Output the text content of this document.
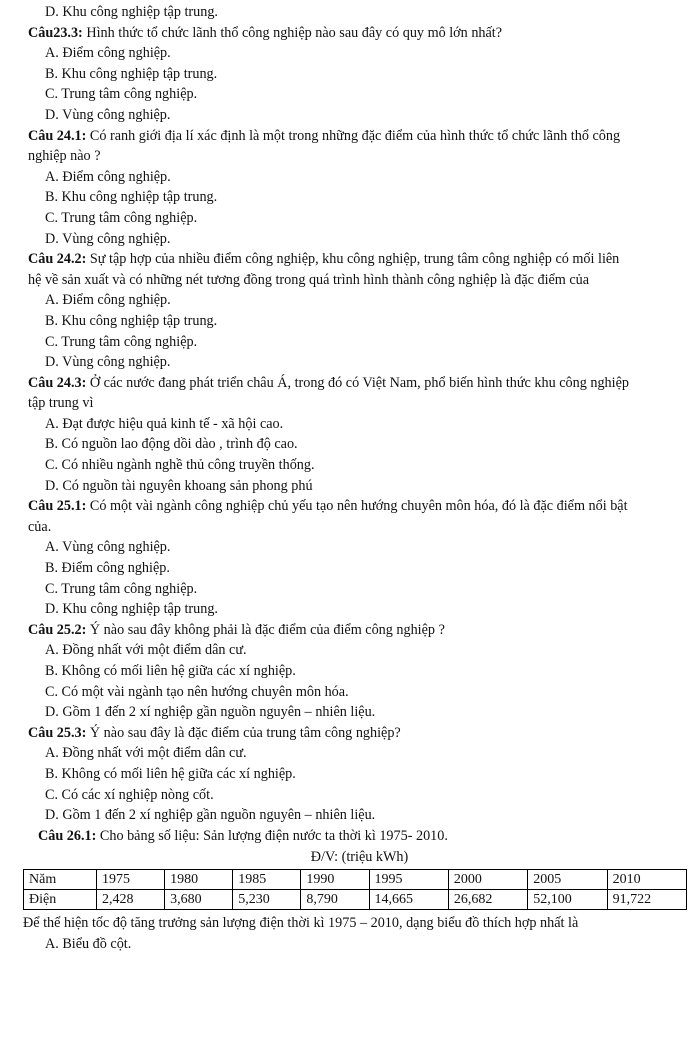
D. Khu công nghiệp tập trung.
Câu23.3: Hình thức tổ chức lãnh thổ công nghiệp nào sau đây có quy mô lớn nhất?
A. Điểm công nghiệp.
B. Khu công nghiệp tập trung.
C. Trung tâm công nghiệp.
D. Vùng công nghiệp.
Câu 24.1: Có ranh giới địa lí xác định là một trong những đặc điểm của hình thức tổ chức lãnh thổ công
nghiệp nào ?
A. Điểm công nghiệp.
B. Khu công nghiệp tập trung.
C. Trung tâm công nghiệp.
D. Vùng công nghiệp.
Câu 24.2: Sự tập hợp của nhiều điểm công nghiệp, khu công nghiệp, trung tâm công nghiệp có mối liên
hệ về sản xuất và có những nét tương đồng trong quá trình hình thành công nghiệp là đặc điểm của
A. Điểm công nghiệp.
B. Khu công nghiệp tập trung.
C. Trung tâm công nghiệp.
D. Vùng công nghiệp.
Câu 24.3: Ở các nước đang phát triển châu Á, trong đó có Việt Nam, phổ biến hình thức khu công nghiệp
tập trung vì
A. Đạt được hiệu quả kinh tế - xã hội cao.
B. Có nguồn lao động dồi dào , trình độ cao.
C. Có nhiều ngành nghề thủ công truyền thống.
D. Có nguồn tài nguyên khoang sản phong phú
Câu 25.1: Có một vài ngành công nghiệp chủ yếu tạo nên hướng chuyên môn hóa, đó là đặc điểm nổi bật
của.
A. Vùng công nghiệp.
B. Điểm công nghiệp.
C. Trung tâm công nghiệp.
D. Khu công nghiệp tập trung.
Câu 25.2: Ý nào sau đây không phải là đặc điểm của điểm công nghiệp ?
A. Đồng nhất với một điểm dân cư.
B. Không có mối liên hệ giữa các xí nghiệp.
C. Có một vài ngành tạo nên hướng chuyên môn hóa.
D. Gồm 1 đến 2 xí nghiệp gần nguồn nguyên – nhiên liệu.
Câu 25.3: Ý nào sau đây là đặc điểm của trung tâm công nghiệp?
A. Đồng nhất với một điểm dân cư.
B. Không có mối liên hệ giữa các xí nghiệp.
C. Có các xí nghiệp nòng cốt.
D. Gồm 1 đến 2 xí nghiệp gần nguồn nguyên – nhiên liệu.
Câu 26.1: Cho bảng số liệu: Sản lượng điện nước ta thời kì 1975- 2010.
Đ/V: (triệu kWh)
Năm	1975	1980	1985	1990	1995	2000	2005	2010
Điện	2,428	3,680	5,230	8,790	14,665	26,682	52,100	91,722
Để thể hiện tốc độ tăng trưởng sản lượng điện thời kì 1975 – 2010, dạng biểu đồ thích hợp nhất là
A. Biểu đồ cột.
